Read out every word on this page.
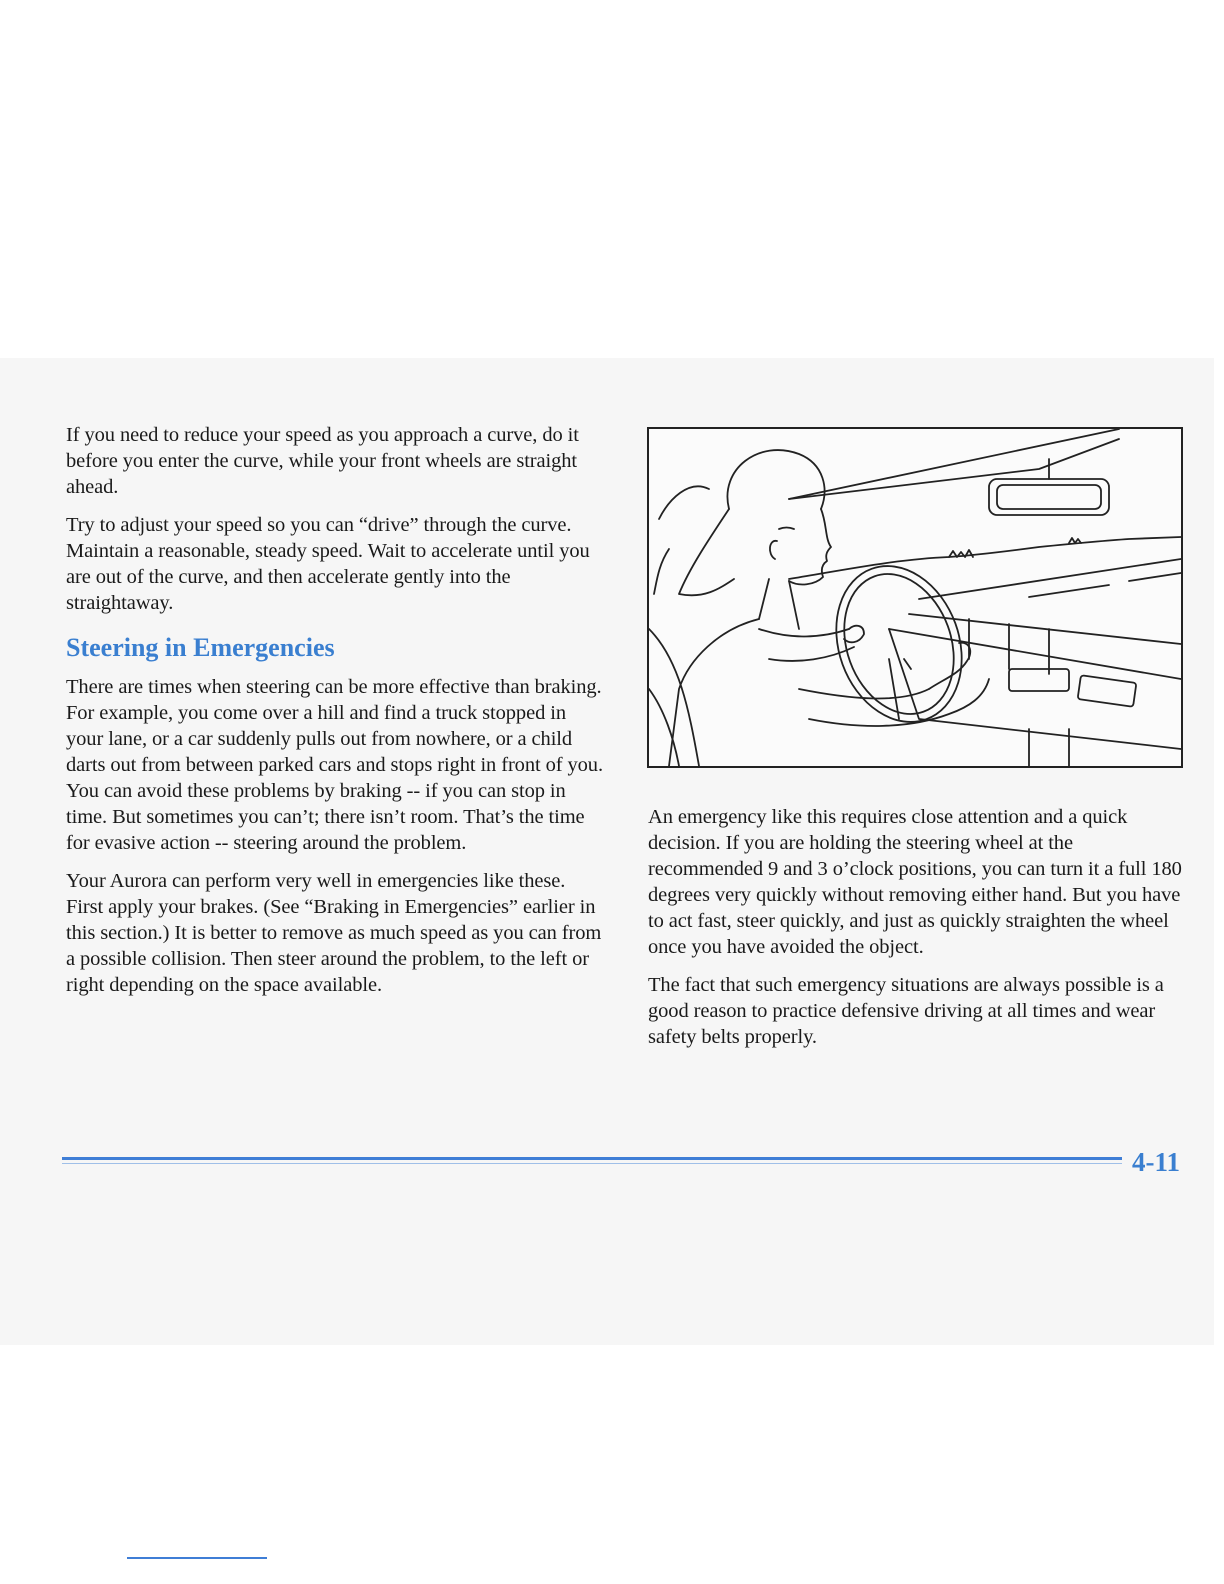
If you need to reduce your speed as you approach a curve, do it before you enter the curve, while your front wheels are straight ahead.

Try to adjust your speed so you can “drive” through the curve. Maintain a reasonable, steady speed. Wait to accelerate until you are out of the curve, and then accelerate gently into the straightaway.

Steering in Emergencies

There are times when steering can be more effective than braking. For example, you come over a hill and find a truck stopped in your lane, or a car suddenly pulls out from nowhere, or a child darts out from between parked cars and stops right in front of you. You can avoid these problems by braking -- if you can stop in time. But sometimes you can’t; there isn’t room. That’s the time for evasive action -- steering around the problem.

Your Aurora can perform very well in emergencies like these. First apply your brakes. (See “Braking in Emergencies” earlier in this section.) It is better to remove as much speed as you can from a possible collision. Then steer around the problem, to the left or right depending on the space available.

An emergency like this requires close attention and a quick decision. If you are holding the steering wheel at the recommended 9 and 3 o’clock positions, you can turn it a full 180 degrees very quickly without removing either hand. But you have to act fast, steer quickly, and just as quickly straighten the wheel once you have avoided the object.

The fact that such emergency situations are always possible is a good reason to practice defensive driving at all times and wear safety belts properly.

4-11
